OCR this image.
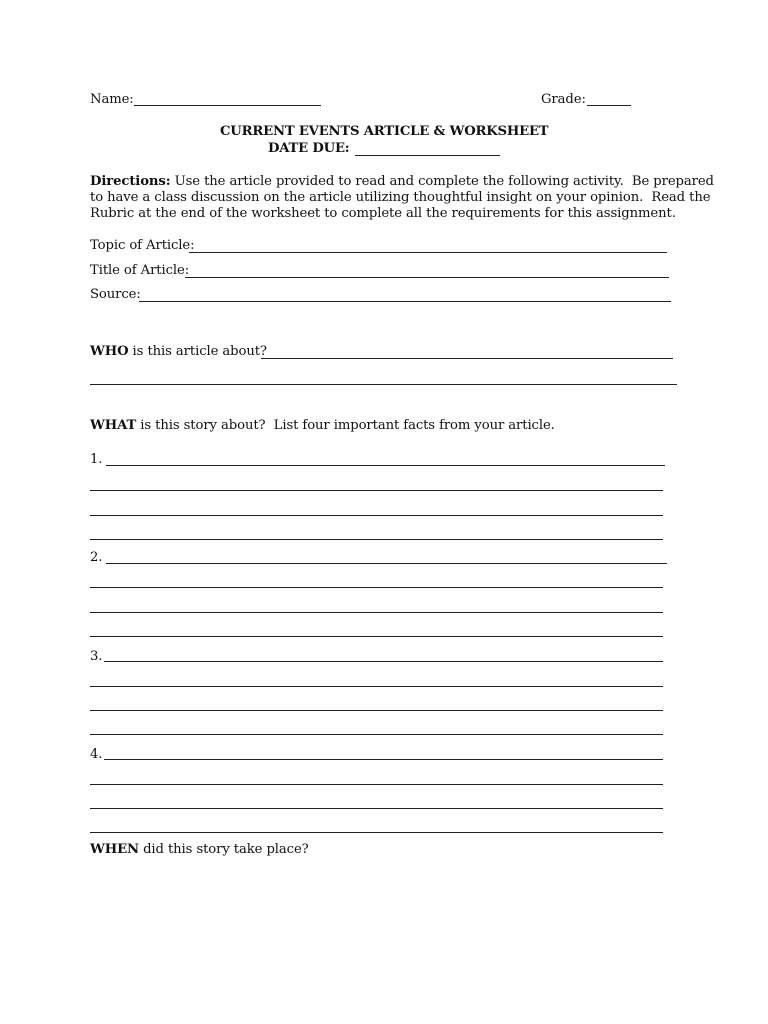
Name:	Grade:
CURRENT EVENTS ARTICLE & WORKSHEET
DATE DUE:
Directions: Use the article provided to read and complete the following activity.  Be prepared
to have a class discussion on the article utilizing thoughtful insight on your opinion.  Read the
Rubric at the end of the worksheet to complete all the requirements for this assignment.
Topic of Article:
Title of Article:
Source:
WHO is this article about?
WHAT is this story about?  List four important facts from your article.
1.
2.
3.
4.
WHEN did this story take place?
